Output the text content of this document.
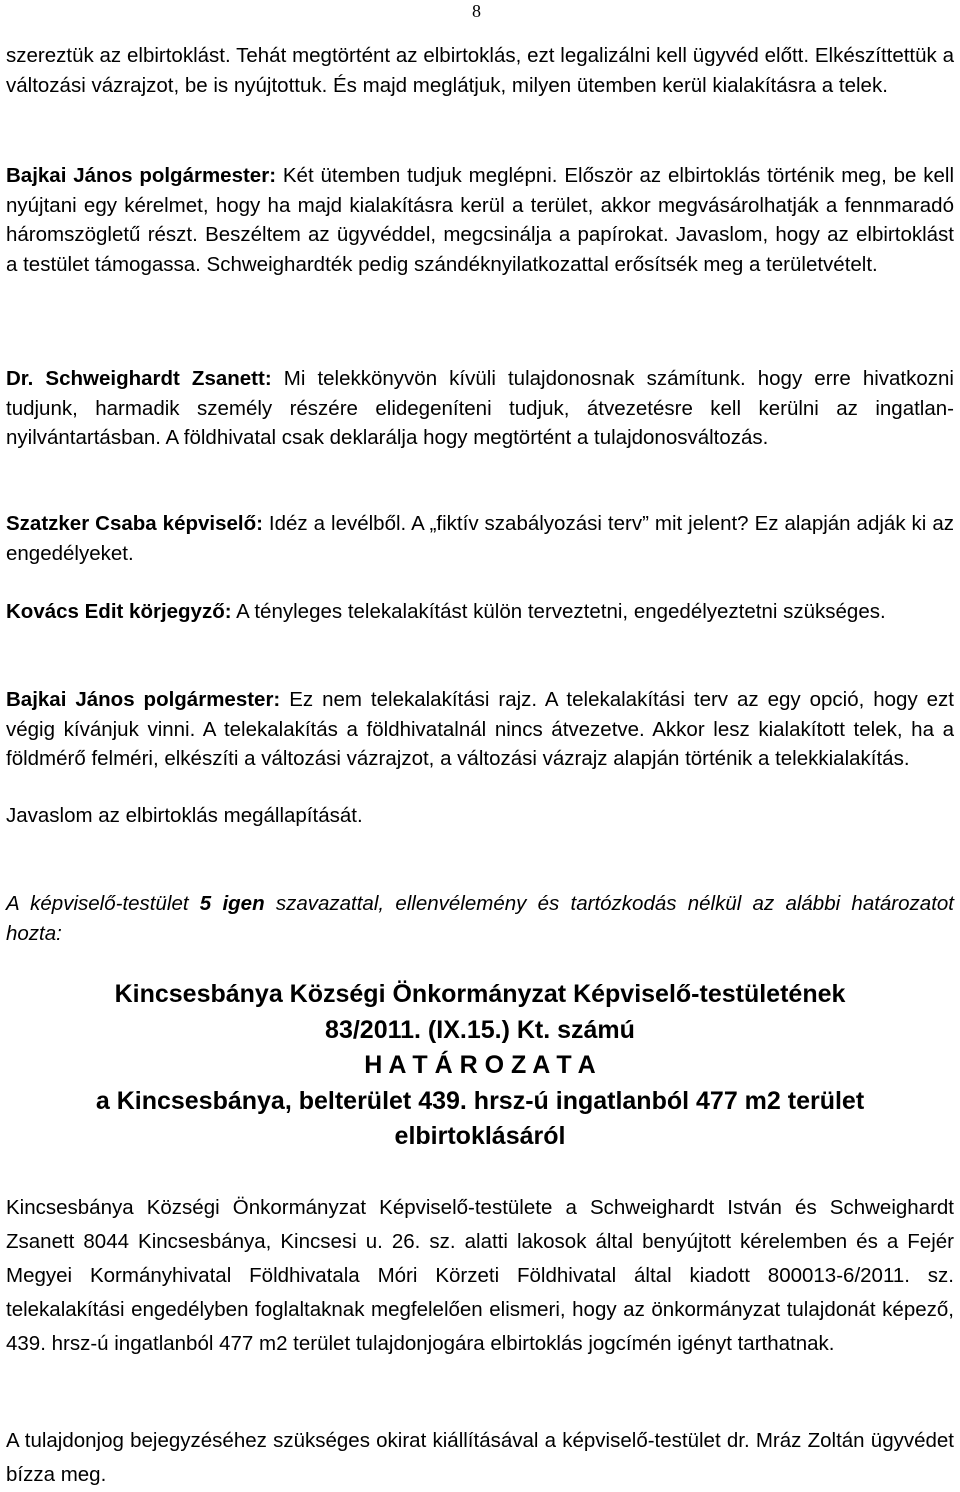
8

szereztük az elbirtoklást. Tehát megtörtént az elbirtoklás, ezt legalizálni kell ügyvéd előtt. Elkészíttettük a változási vázrajzot, be is nyújtottuk. És majd meglátjuk, milyen ütemben kerül kialakításra a telek.

Bajkai János polgármester: Két ütemben tudjuk meglépni. Először az elbirtoklás történik meg, be kell nyújtani egy kérelmet, hogy ha majd kialakításra kerül a terület, akkor megvásárolhatják a fennmaradó háromszögletű részt. Beszéltem az ügyvéddel, megcsinálja a papírokat. Javaslom, hogy az elbirtoklást a testület támogassa. Schweighardték pedig szándéknyilatkozattal erősítsék meg a területvételt.

Dr. Schweighardt Zsanett: Mi telekkönyvön kívüli tulajdonosnak számítunk. hogy erre hivatkozni tudjunk, harmadik személy részére elidegeníteni tudjuk, átvezetésre kell kerülni az ingatlan-nyilvántartásban. A földhivatal csak deklarálja hogy megtörtént a tulajdonosváltozás.

Szatzker Csaba képviselő: Idéz a levélből. A „fiktív szabályozási terv” mit jelent? Ez alapján adják ki az engedélyeket.

Kovács Edit körjegyző: A tényleges telekalakítást külön terveztetni, engedélyeztetni szükséges.

Bajkai János polgármester: Ez nem telekalakítási rajz. A telekalakítási terv az egy opció, hogy ezt végig kívánjuk vinni. A telekalakítás a földhivatalnál nincs átvezetve. Akkor lesz kialakított telek, ha a földmérő felméri, elkészíti a változási vázrajzot, a változási vázrajz alapján történik a telekkialakítás.

Javaslom az elbirtoklás megállapítását.

A képviselő-testület 5 igen szavazattal, ellenvélemény és tartózkodás nélkül az alábbi határozatot hozta:

Kincsesbánya Községi Önkormányzat Képviselő-testületének
83/2011. (IX.15.) Kt. számú
H A T Á R O Z A T A
a Kincsesbánya, belterület 439. hrsz-ú ingatlanból 477 m2 terület
elbirtoklásáról

Kincsesbánya Községi Önkormányzat Képviselő-testülete a Schweighardt István és Schweighardt Zsanett 8044 Kincsesbánya, Kincsesi u. 26. sz. alatti lakosok által benyújtott kérelemben és a Fejér Megyei Kormányhivatal Földhivatala Móri Körzeti Földhivatal által kiadott 800013-6/2011. sz. telekalakítási engedélyben foglaltaknak megfelelően elismeri, hogy az önkormányzat tulajdonát képező, 439. hrsz-ú ingatlanból 477 m2 terület tulajdonjogára elbirtoklás jogcímén igényt tarthatnak.

A tulajdonjog bejegyzéséhez szükséges okirat kiállításával a képviselő-testület dr. Mráz Zoltán ügyvédet bízza meg.
